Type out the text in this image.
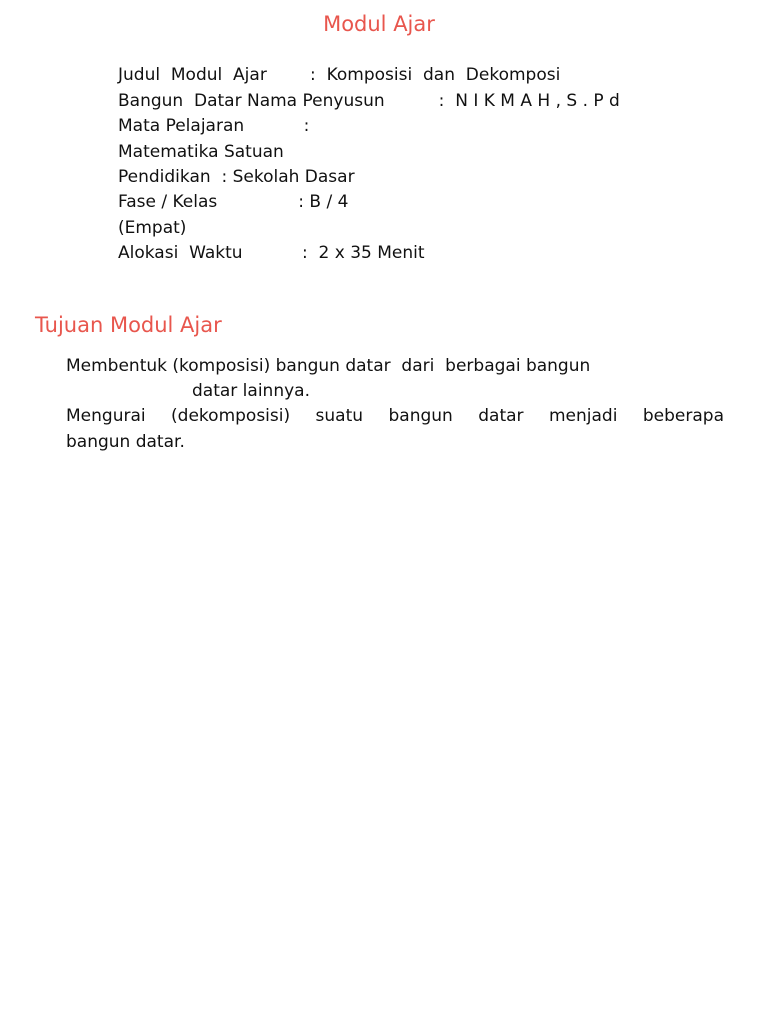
Modul Ajar
Judul  Modul  Ajar        :  Komposisi  dan  Dekomposi
Bangun  Datar Nama Penyusun          :  N I K M A H , S . P d
Mata Pelajaran           :
Matematika Satuan
Pendidikan  : Sekolah Dasar
Fase / Kelas               : B / 4
(Empat)
Alokasi  Waktu           :  2 x 35 Menit
Tujuan Modul Ajar
Membentuk (komposisi) bangun datar  dari  berbagai bangun
datar lainnya.
Mengurai (dekomposisi) suatu bangun datar menjadi beberapa
bangun datar.
